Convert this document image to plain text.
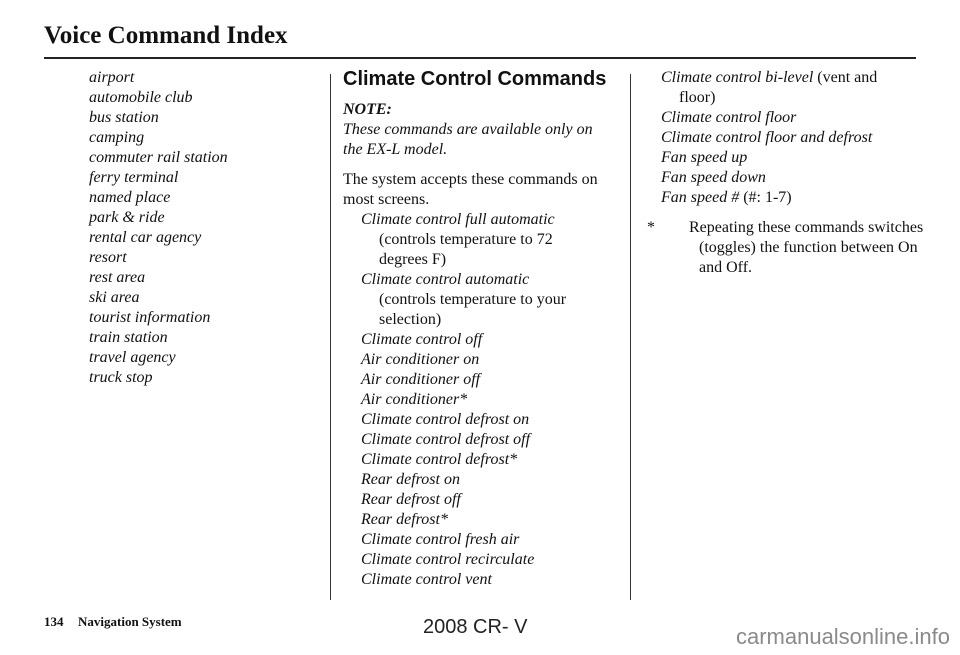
Voice Command Index
airport
automobile club
bus station
camping
commuter rail station
ferry terminal
named place
park & ride
rental car agency
resort
rest area
ski area
tourist information
train station
travel agency
truck stop
Climate Control Commands
NOTE:
These commands are available only on
the EX-L model.
The system accepts these commands on
most screens.
Climate control full automatic
(controls temperature to 72
degrees F)
Climate control automatic
(controls temperature to your
selection)
Climate control off
Air conditioner on
Air conditioner off
Air conditioner*
Climate control defrost on
Climate control defrost off
Climate control defrost*
Rear defrost on
Rear defrost off
Rear defrost*
Climate control fresh air
Climate control recirculate
Climate control vent
Climate control bi-level (vent and
floor)
Climate control floor
Climate control floor and defrost
Fan speed up
Fan speed down
Fan speed # (#: 1-7)
* Repeating these commands switches
(toggles) the function between On
and Off.
134 Navigation System	2008 CR- V	carmanualsonline.info
